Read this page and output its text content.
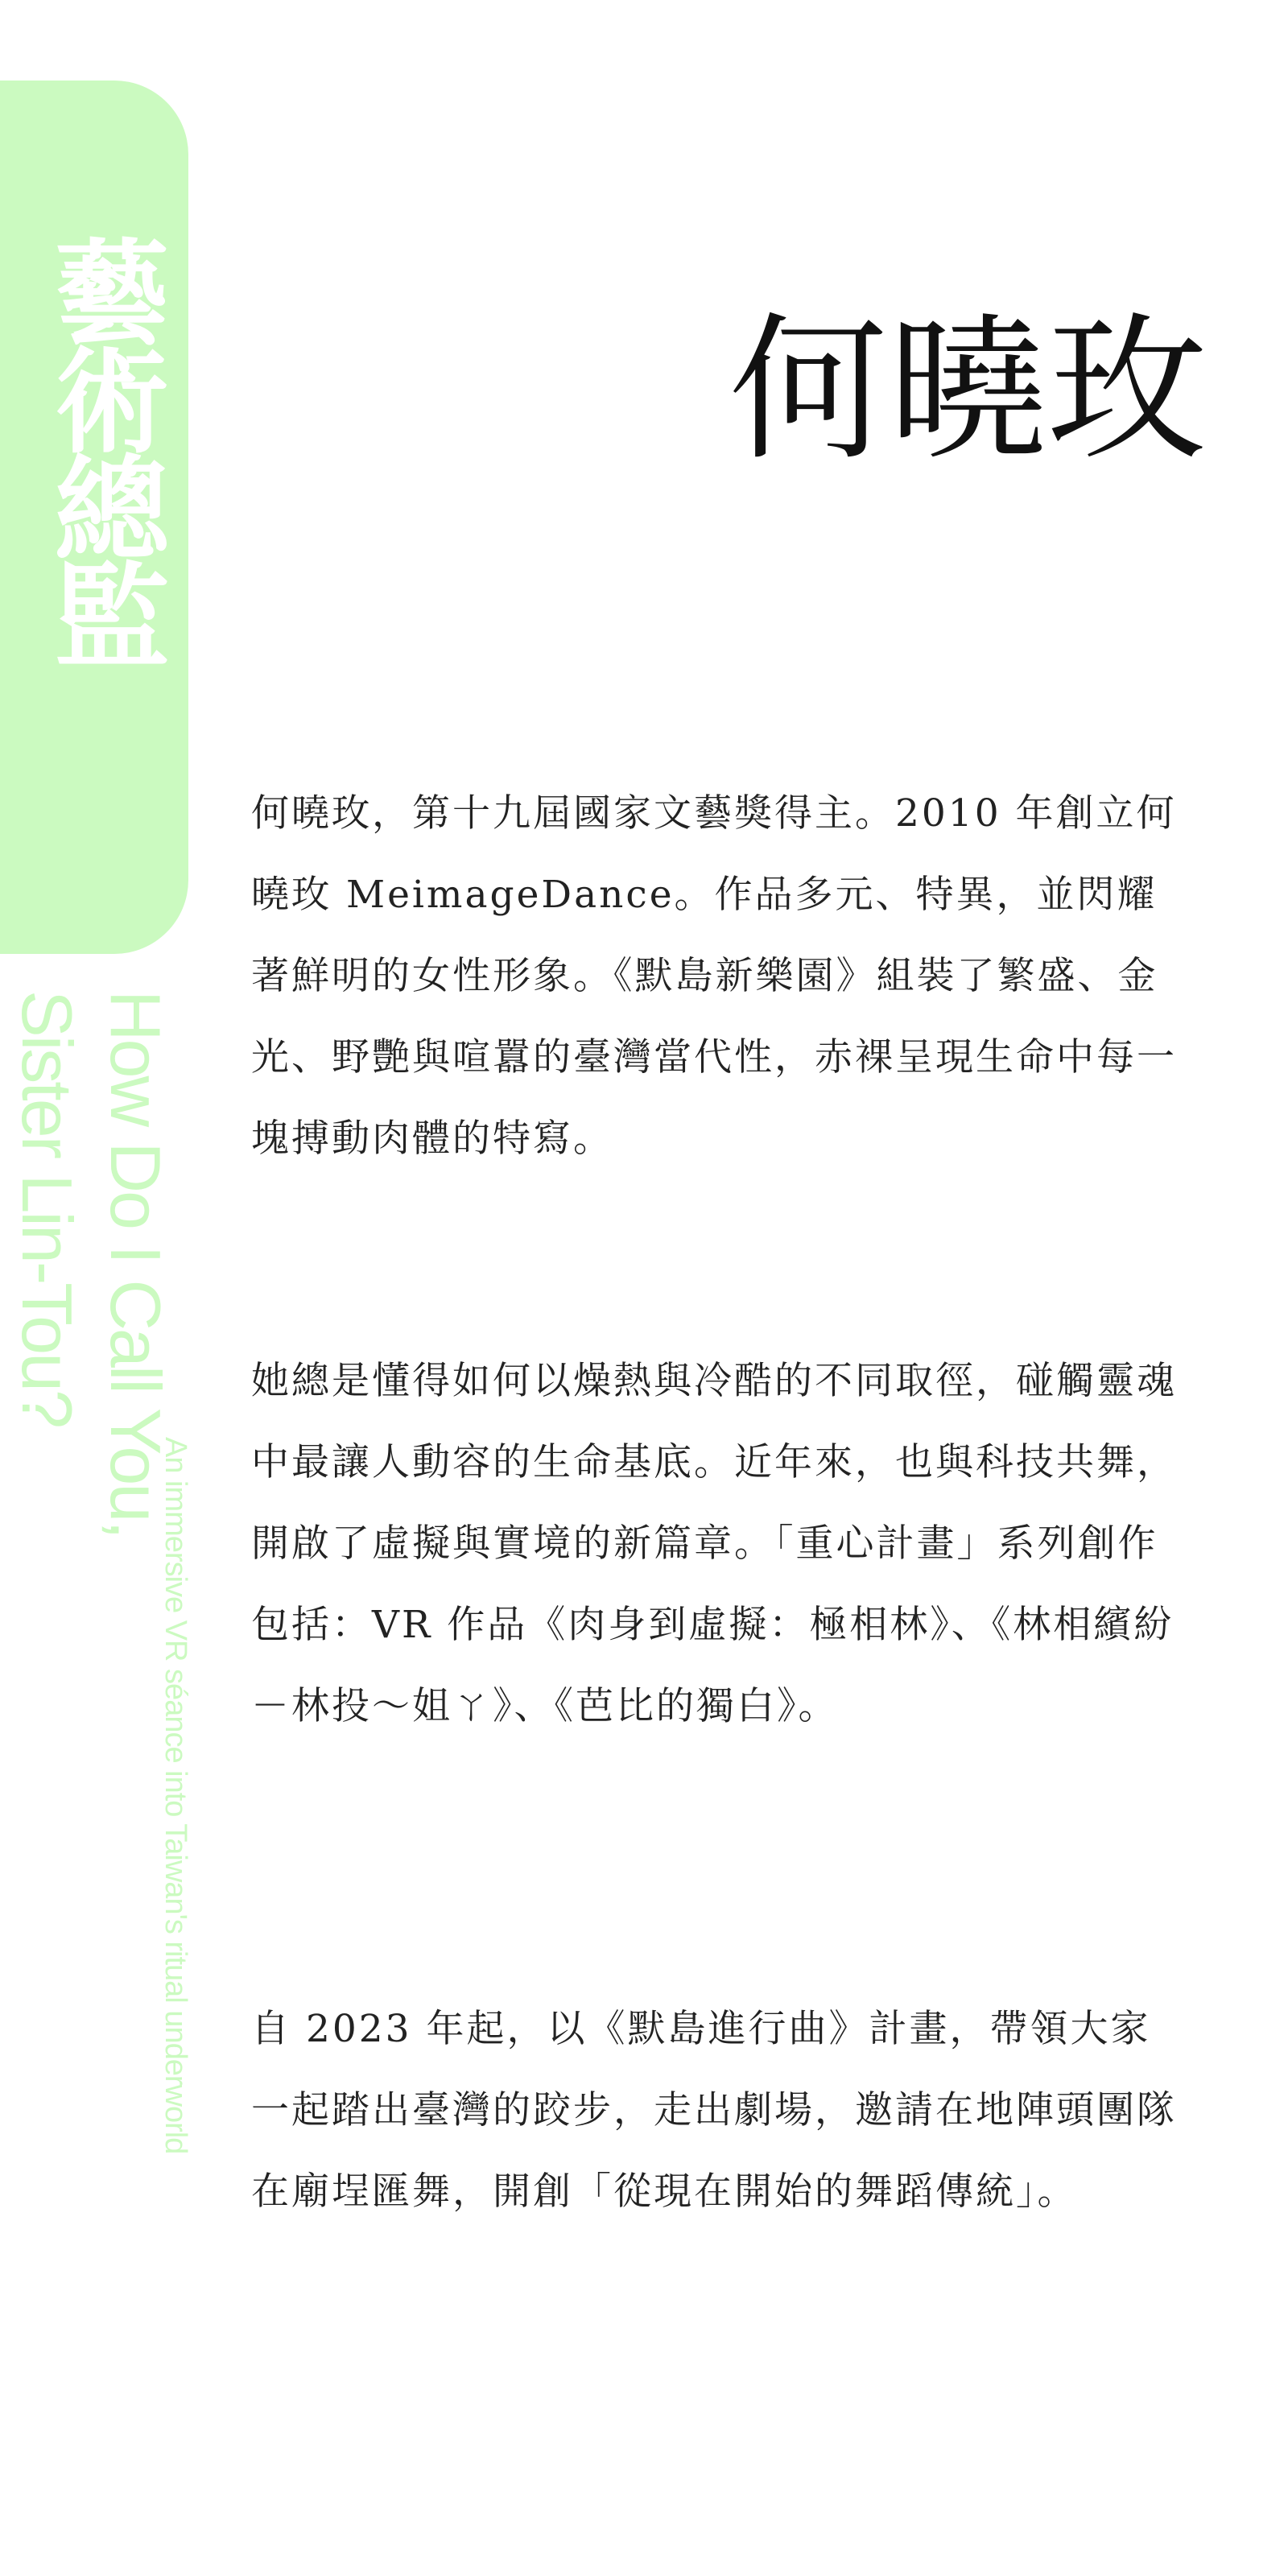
藝術總監

How Do I Call You,

Sister Lin-Tou?

An immersive VR séance into Taiwan's ritual underworld

何曉玫

何曉玫，第十九屆國家文藝獎得主。2010 年創立何曉玫 MeimageDance。作品多元、特異，並閃耀著鮮明的女性形象。《默島新樂園》組裝了繁盛、金光、野艷與喧囂的臺灣當代性，赤裸呈現生命中每一塊搏動肉體的特寫。

她總是懂得如何以燥熱與冷酷的不同取徑，碰觸靈魂中最讓人動容的生命基底。近年來，也與科技共舞，開啟了虛擬與實境的新篇章。「重心計畫」系列創作包括：VR 作品《肉身到虛擬：極相林》、《林相繽紛－林投～姐ㄚ》、《芭比的獨白》。

自 2023 年起，以《默島進行曲》計畫，帶領大家一起踏出臺灣的跤步，走出劇場，邀請在地陣頭團隊在廟埕匯舞，開創「從現在開始的舞蹈傳統」。
